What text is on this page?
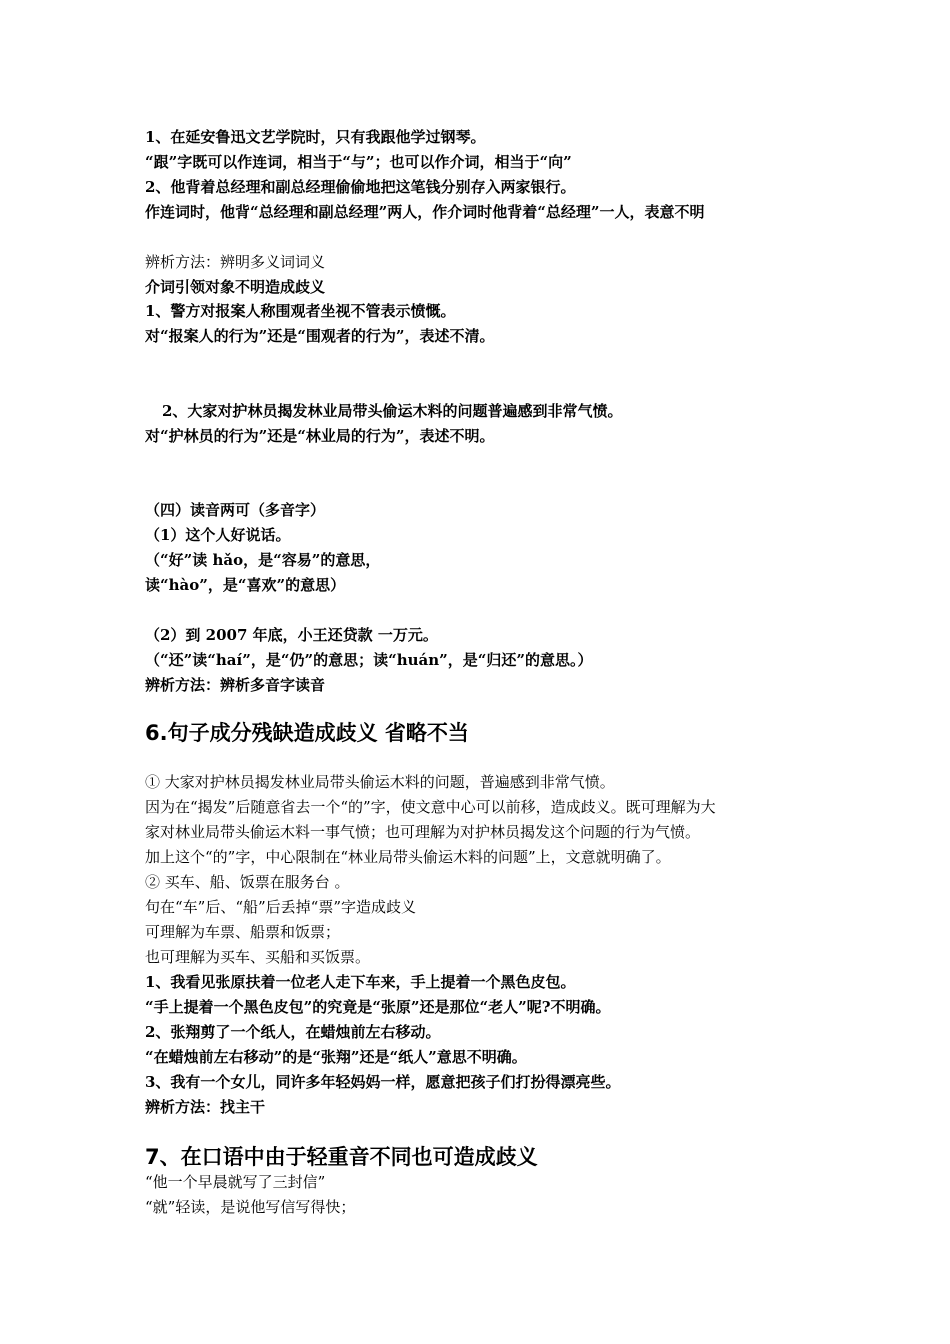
1、在延安鲁迅文艺学院时，只有我跟他学过钢琴。

“跟”字既可以作连词，相当于“与”；也可以作介词，相当于“向”

2、他背着总经理和副总经理偷偷地把这笔钱分别存入两家银行。

作连词时，他背“总经理和副总经理”两人，作介词时他背着“总经理”一人，表意不明

辨析方法：辨明多义词词义

介词引领对象不明造成歧义

1、警方对报案人称围观者坐视不管表示愤慨。

对“报案人的行为”还是“围观者的行为”，表述不清。

2、大家对护林员揭发林业局带头偷运木料的问题普遍感到非常气愤。

对“护林员的行为”还是“林业局的行为”，表述不明。

（四）读音两可（多音字）

（1）这个人好说话。

（“好”读 hǎo，是“容易”的意思，

读“hào”，是“喜欢”的意思）

（2）到 2007 年底，小王还贷款 一万元。

（“还”读“haí”，是“仍”的意思；读“huán”，是“归还”的意思。）

辨析方法：辨析多音字读音

6.句子成分残缺造成歧义 省略不当

① 大家对护林员揭发林业局带头偷运木料的问题，普遍感到非常气愤。

因为在“揭发”后随意省去一个“的”字，使文意中心可以前移，造成歧义。既可理解为大

家对林业局带头偷运木料一事气愤；也可理解为对护林员揭发这个问题的行为气愤。

加上这个“的”字，中心限制在“林业局带头偷运木料的问题”上，文意就明确了。

② 买车、船、饭票在服务台 。

句在“车”后、“船”后丢掉“票”字造成歧义

可理解为车票、船票和饭票；

也可理解为买车、买船和买饭票。

1、我看见张原扶着一位老人走下车来，手上提着一个黑色皮包。

“手上提着一个黑色皮包”的究竟是“张原”还是那位“老人”呢?不明确。

2、张翔剪了一个纸人，在蜡烛前左右移动。

“在蜡烛前左右移动”的是“张翔”还是“纸人”意思不明确。

3、我有一个女儿，同许多年轻妈妈一样，愿意把孩子们打扮得漂亮些。

辨析方法：找主干

7、在口语中由于轻重音不同也可造成歧义

“他一个早晨就写了三封信”

“就”轻读，是说他写信写得快；
